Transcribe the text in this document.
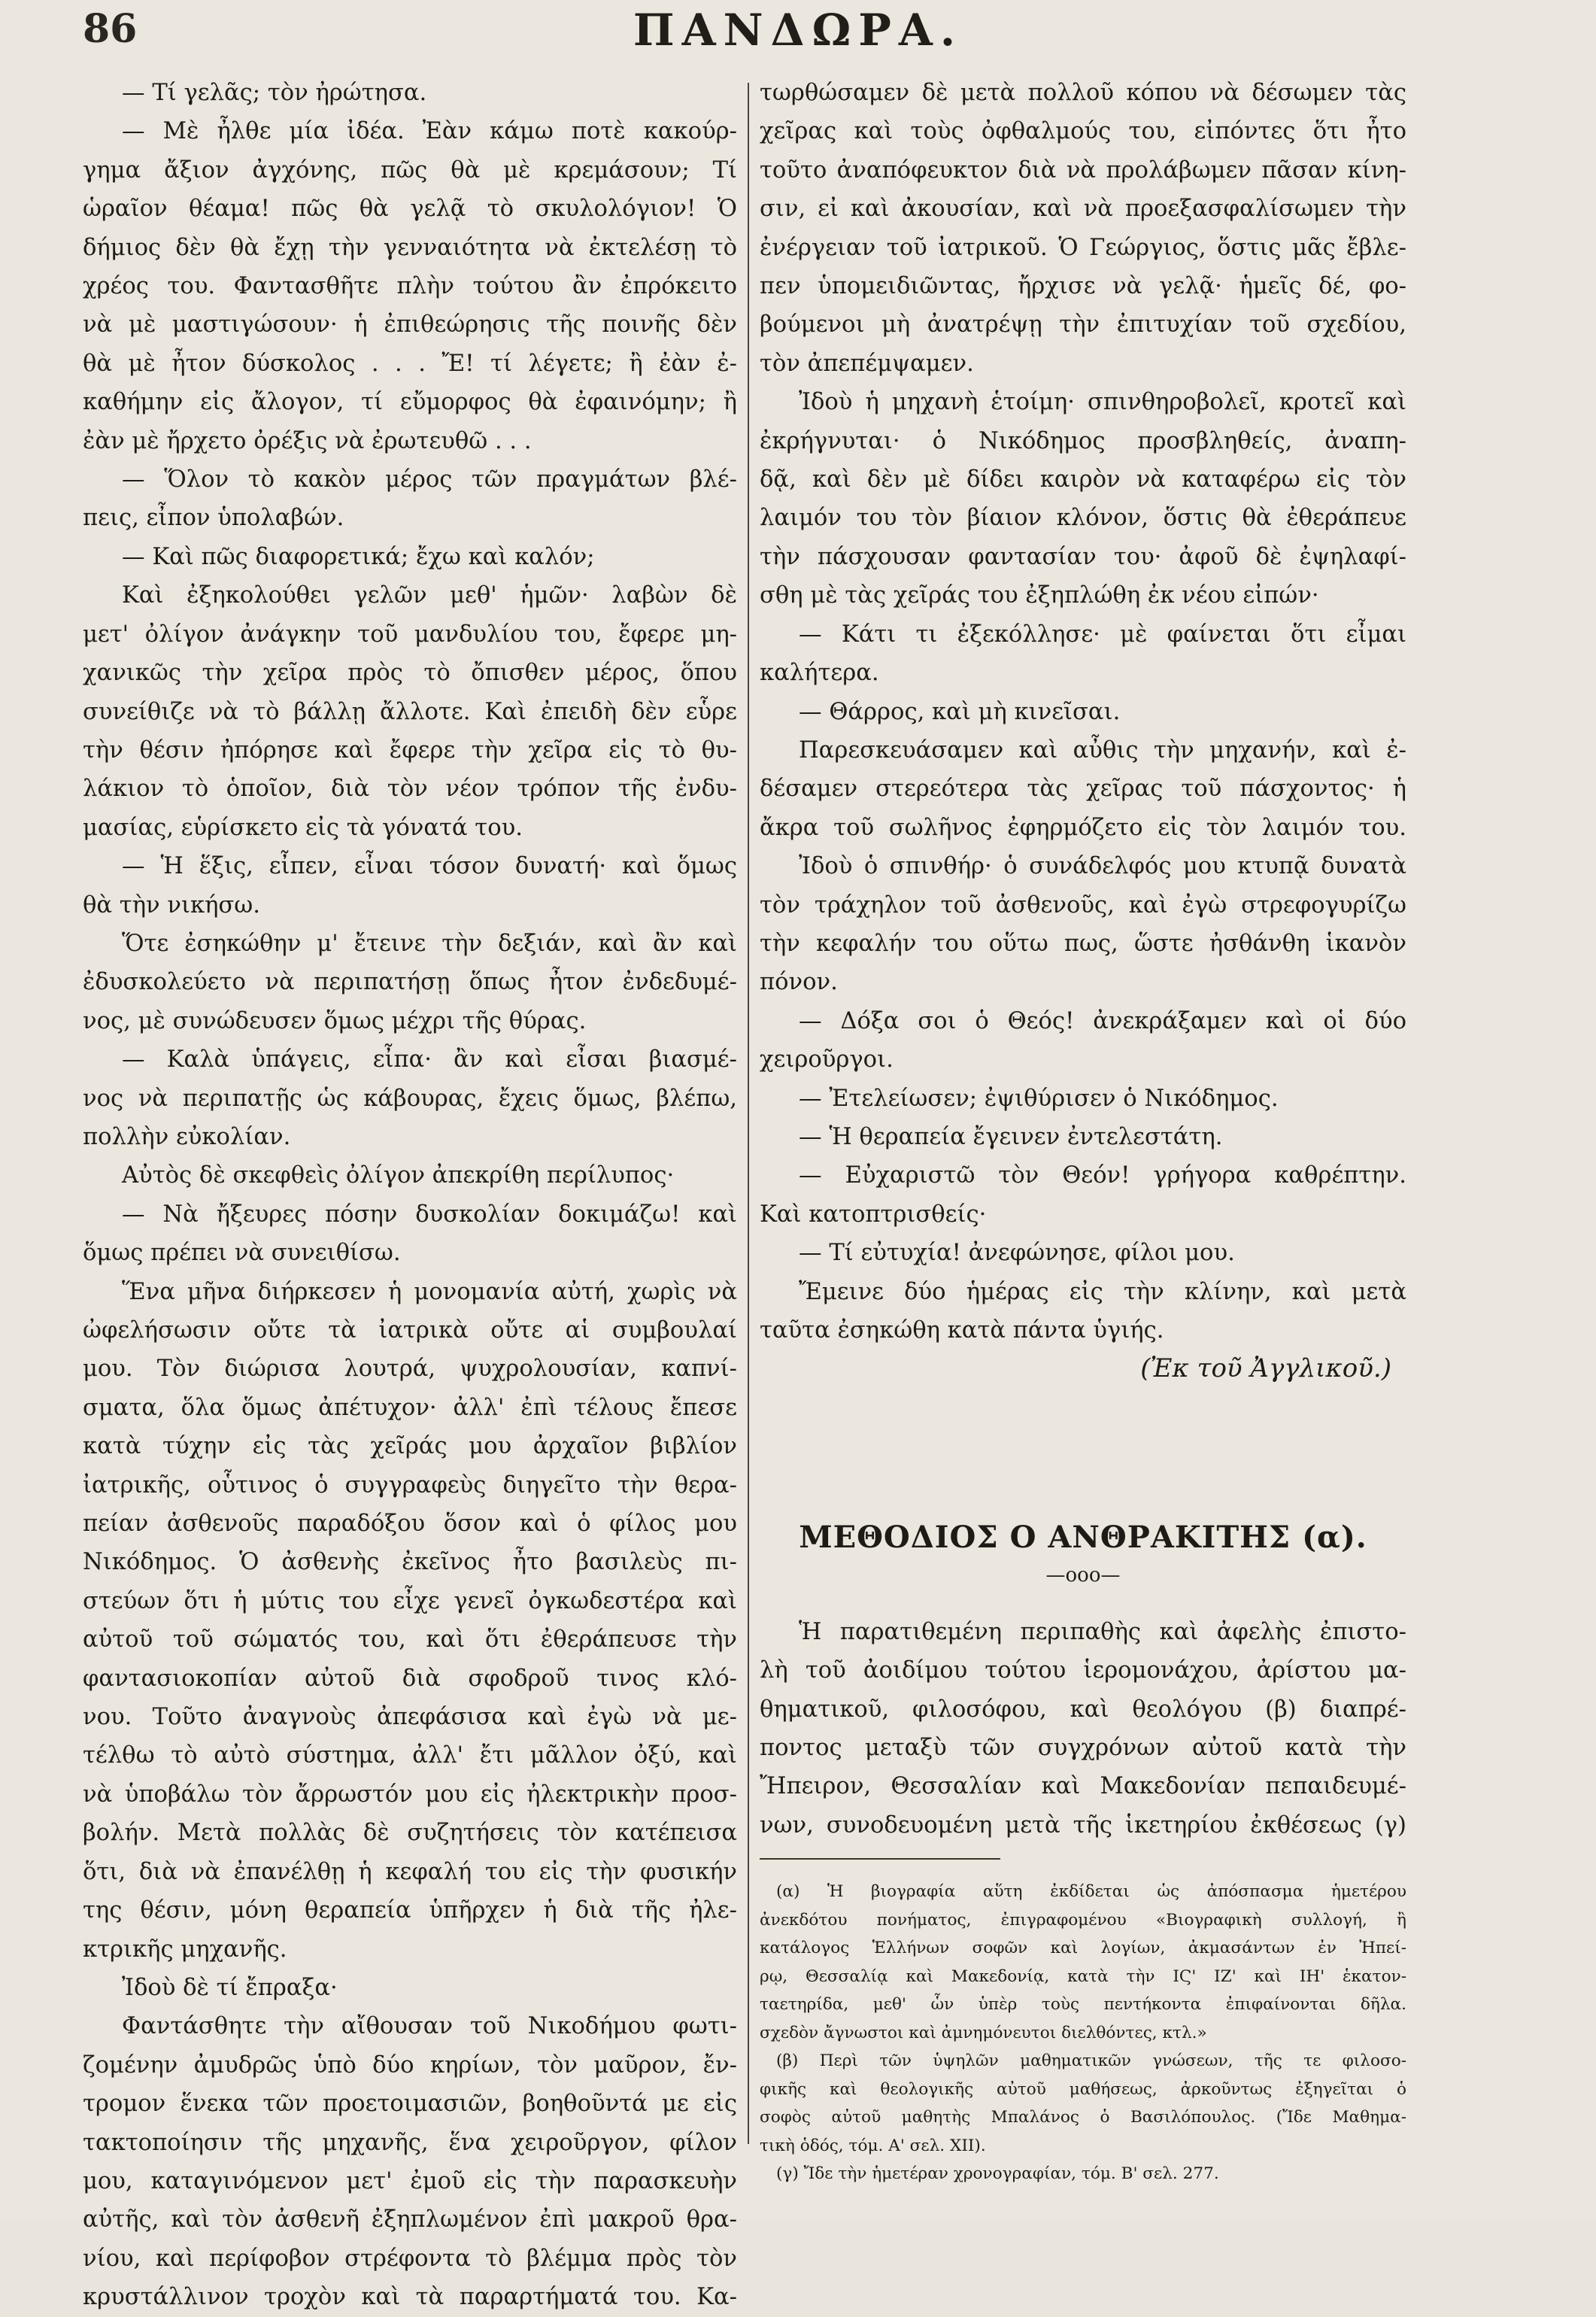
86	ΠΑΝΔΩΡΑ.
— Τί γελᾶς; τὸν ἠρώτησα.
— Μὲ ἦλθε μία ἰδέα. Ἐὰν κάμω ποτὲ κακούρ-
γημα ἄξιον ἀγχόνης, πῶς θὰ μὲ κρεμάσουν; Τί
ὡραῖον θέαμα! πῶς θὰ γελᾷ τὸ σκυλολόγιον! Ὁ
δήμιος δὲν θὰ ἔχῃ τὴν γενναιότητα νὰ ἐκτελέσῃ τὸ
χρέος του. Φαντασθῆτε πλὴν τούτου ἂν ἐπρόκειτο
νὰ μὲ μαστιγώσουν· ἡ ἐπιθεώρησις τῆς ποινῆς δὲν
θὰ μὲ ἦτον δύσκολος . . . Ἔ! τί λέγετε; ἢ ἐὰν ἐ-
καθήμην εἰς ἄλογον, τί εὔμορφος θὰ ἐφαινόμην; ἢ
ἐὰν μὲ ἤρχετο ὀρέξις νὰ ἐρωτευθῶ . . .
— Ὅλον τὸ κακὸν μέρος τῶν πραγμάτων βλέ-
πεις, εἶπον ὑπολαβών.
— Καὶ πῶς διαφορετικά; ἔχω καὶ καλόν;
Καὶ ἐξηκολούθει γελῶν μεθ' ἡμῶν· λαβὼν δὲ
μετ' ὀλίγον ἀνάγκην τοῦ μανδυλίου του, ἔφερε μη-
χανικῶς τὴν χεῖρα πρὸς τὸ ὄπισθεν μέρος, ὅπου
συνείθιζε νὰ τὸ βάλλῃ ἄλλοτε. Καὶ ἐπειδὴ δὲν εὗρε
τὴν θέσιν ἠπόρησε καὶ ἔφερε τὴν χεῖρα εἰς τὸ θυ-
λάκιον τὸ ὁποῖον, διὰ τὸν νέον τρόπον τῆς ἐνδυ-
μασίας, εὑρίσκετο εἰς τὰ γόνατά του.
— Ἡ ἕξις, εἶπεν, εἶναι τόσον δυνατή· καὶ ὅμως
θὰ τὴν νικήσω.
Ὅτε ἐσηκώθην μ' ἔτεινε τὴν δεξιάν, καὶ ἂν καὶ
ἐδυσκολεύετο νὰ περιπατήσῃ ὅπως ἦτον ἐνδεδυμέ-
νος, μὲ συνώδευσεν ὅμως μέχρι τῆς θύρας.
— Καλὰ ὑπάγεις, εἶπα· ἂν καὶ εἶσαι βιασμέ-
νος νὰ περιπατῇς ὡς κάβουρας, ἔχεις ὅμως, βλέπω,
πολλὴν εὐκολίαν.
Αὐτὸς δὲ σκεφθεὶς ὀλίγον ἀπεκρίθη περίλυπος·
— Νὰ ἤξευρες πόσην δυσκολίαν δοκιμάζω! καὶ
ὅμως πρέπει νὰ συνειθίσω.
Ἕνα μῆνα διήρκεσεν ἡ μονομανία αὐτή, χωρὶς νὰ
ὠφελήσωσιν οὔτε τὰ ἰατρικὰ οὔτε αἱ συμβουλαί
μου. Τὸν διώρισα λουτρά, ψυχρολουσίαν, καπνί-
σματα, ὅλα ὅμως ἀπέτυχον· ἀλλ' ἐπὶ τέλους ἔπεσε
κατὰ τύχην εἰς τὰς χεῖράς μου ἀρχαῖον βιβλίον
ἰατρικῆς, οὗτινος ὁ συγγραφεὺς διηγεῖτο τὴν θερα-
πείαν ἀσθενοῦς παραδόξου ὅσον καὶ ὁ φίλος μου
Νικόδημος. Ὁ ἀσθενὴς ἐκεῖνος ἦτο βασιλεὺς πι-
στεύων ὅτι ἡ μύτις του εἶχε γενεῖ ὀγκωδεστέρα καὶ
αὐτοῦ τοῦ σώματός του, καὶ ὅτι ἐθεράπευσε τὴν
φαντασιοκοπίαν αὐτοῦ διὰ σφοδροῦ τινος κλό-
νου. Τοῦτο ἀναγνοὺς ἀπεφάσισα καὶ ἐγὼ νὰ με-
τέλθω τὸ αὐτὸ σύστημα, ἀλλ' ἔτι μᾶλλον ὀξύ, καὶ
νὰ ὑποβάλω τὸν ἄρρωστόν μου εἰς ἠλεκτρικὴν προσ-
βολήν. Μετὰ πολλὰς δὲ συζητήσεις τὸν κατέπεισα
ὅτι, διὰ νὰ ἐπανέλθῃ ἡ κεφαλή του εἰς τὴν φυσικήν
της θέσιν, μόνη θεραπεία ὑπῆρχεν ἡ διὰ τῆς ἠλε-
κτρικῆς μηχανῆς.
Ἰδοὺ δὲ τί ἔπραξα·
Φαντάσθητε τὴν αἴθουσαν τοῦ Νικοδήμου φωτι-
ζομένην ἀμυδρῶς ὑπὸ δύο κηρίων, τὸν μαῦρον, ἔν-
τρομον ἕνεκα τῶν προετοιμασιῶν, βοηθοῦντά με εἰς
τακτοποίησιν τῆς μηχανῆς, ἕνα χειροῦργον, φίλον
μου, καταγινόμενον μετ' ἐμοῦ εἰς τὴν παρασκευὴν
αὐτῆς, καὶ τὸν ἀσθενῆ ἐξηπλωμένον ἐπὶ μακροῦ θρα-
νίου, καὶ περίφοβον στρέφοντα τὸ βλέμμα πρὸς τὸν
κρυστάλλινον τροχὸν καὶ τὰ παραρτήματά του. Κα-
τωρθώσαμεν δὲ μετὰ πολλοῦ κόπου νὰ δέσωμεν τὰς
χεῖρας καὶ τοὺς ὀφθαλμούς του, εἰπόντες ὅτι ἦτο
τοῦτο ἀναπόφευκτον διὰ νὰ προλάβωμεν πᾶσαν κίνη-
σιν, εἰ καὶ ἀκουσίαν, καὶ νὰ προεξασφαλίσωμεν τὴν
ἐνέργειαν τοῦ ἰατρικοῦ. Ὁ Γεώργιος, ὅστις μᾶς ἔβλε-
πεν ὑπομειδιῶντας, ἤρχισε νὰ γελᾷ· ἡμεῖς δέ, φο-
βούμενοι μὴ ἀνατρέψῃ τὴν ἐπιτυχίαν τοῦ σχεδίου,
τὸν ἀπεπέμψαμεν.
Ἰδοὺ ἡ μηχανὴ ἑτοίμη· σπινθηροβολεῖ, κροτεῖ καὶ
ἐκρήγνυται· ὁ Νικόδημος προσβληθείς, ἀναπη-
δᾷ, καὶ δὲν μὲ δίδει καιρὸν νὰ καταφέρω εἰς τὸν
λαιμόν του τὸν βίαιον κλόνον, ὅστις θὰ ἐθεράπευε
τὴν πάσχουσαν φαντασίαν του· ἀφοῦ δὲ ἐψηλαφί-
σθη μὲ τὰς χεῖράς του ἐξηπλώθη ἐκ νέου εἰπών·
— Κάτι τι ἐξεκόλλησε· μὲ φαίνεται ὅτι εἶμαι
καλήτερα.
— Θάρρος, καὶ μὴ κινεῖσαι.
Παρεσκευάσαμεν καὶ αὖθις τὴν μηχανήν, καὶ ἐ-
δέσαμεν στερεότερα τὰς χεῖρας τοῦ πάσχοντος· ἡ
ἄκρα τοῦ σωλῆνος ἐφηρμόζετο εἰς τὸν λαιμόν του.
Ἰδοὺ ὁ σπινθήρ· ὁ συνάδελφός μου κτυπᾷ δυνατὰ
τὸν τράχηλον τοῦ ἀσθενοῦς, καὶ ἐγὼ στρεφογυρίζω
τὴν κεφαλήν του οὕτω πως, ὥστε ἠσθάνθη ἱκανὸν
πόνον.
— Δόξα σοι ὁ Θεός! ἀνεκράξαμεν καὶ οἱ δύο
χειροῦργοι.
— Ἐτελείωσεν; ἐψιθύρισεν ὁ Νικόδημος.
— Ἡ θεραπεία ἔγεινεν ἐντελεστάτη.
— Εὐχαριστῶ τὸν Θεόν! γρήγορα καθρέπτην.
Καὶ κατοπτρισθείς·
— Τί εὐτυχία! ἀνεφώνησε, φίλοι μου.
Ἔμεινε δύο ἡμέρας εἰς τὴν κλίνην, καὶ μετὰ
ταῦτα ἐσηκώθη κατὰ πάντα ὑγιής.
(Ἐκ τοῦ Ἀγγλικοῦ.)
ΜΕΘΟΔΙΟΣ Ο ΑΝΘΡΑΚΙΤΗΣ (α).
—οοο—
Ἡ παρατιθεμένη περιπαθὴς καὶ ἀφελὴς ἐπιστο-
λὴ τοῦ ἀοιδίμου τούτου ἱερομονάχου, ἀρίστου μα-
θηματικοῦ, φιλοσόφου, καὶ θεολόγου (β) διαπρέ-
ποντος μεταξὺ τῶν συγχρόνων αὐτοῦ κατὰ τὴν
Ἤπειρον, Θεσσαλίαν καὶ Μακεδονίαν πεπαιδευμέ-
νων, συνοδευομένη μετὰ τῆς ἱκετηρίου ἐκθέσεως (γ)
(α) Ἡ βιογραφία αὕτη ἐκδίδεται ὡς ἀπόσπασμα ἡμετέρου
ἀνεκδότου πονήματος, ἐπιγραφομένου «Βιογραφικὴ συλλογή, ἢ
κατάλογος Ἑλλήνων σοφῶν καὶ λογίων, ἀκμασάντων ἐν Ἠπεί-
ρῳ, Θεσσαλίᾳ καὶ Μακεδονίᾳ, κατὰ τὴν ΙϚ' ΙΖ' καὶ ΙΗ' ἑκατον-
ταετηρίδα, μεθ' ὧν ὑπὲρ τοὺς πεντήκοντα ἐπιφαίνονται δῆλα.
σχεδὸν ἄγνωστοι καὶ ἀμνημόνευτοι διελθόντες, κτλ.»
(β) Περὶ τῶν ὑψηλῶν μαθηματικῶν γνώσεων, τῆς τε φιλοσο-
φικῆς καὶ θεολογικῆς αὐτοῦ μαθήσεως, ἀρκοῦντως ἐξηγεῖται ὁ
σοφὸς αὐτοῦ μαθητὴς Μπαλάνος ὁ Βασιλόπουλος. (Ἴδε Μαθημα-
τικὴ ὁδός, τόμ. Α' σελ. XII).
(γ) Ἴδε τὴν ἡμετέραν χρονογραφίαν, τόμ. Β' σελ. 277.
